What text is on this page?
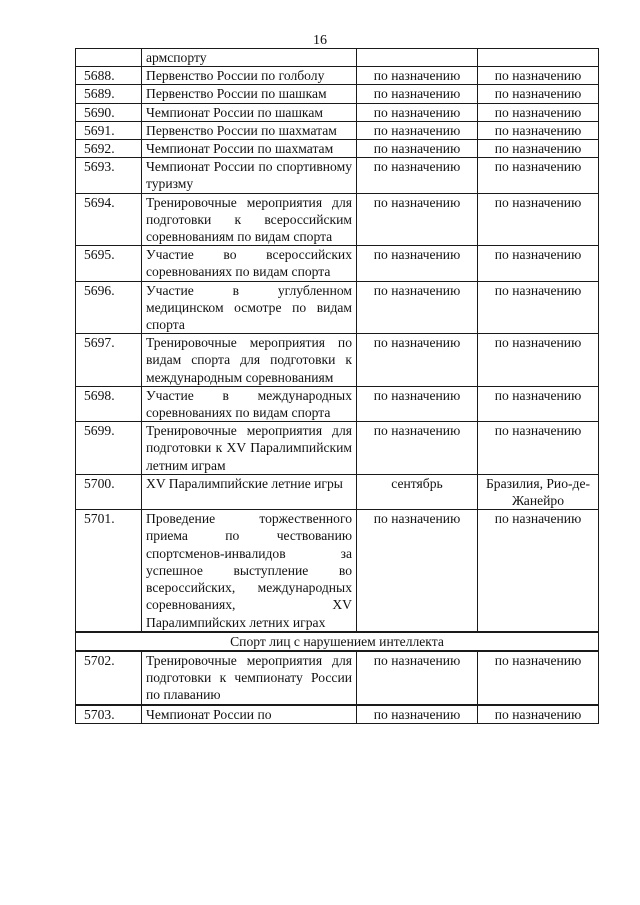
16
	армспорту		
5688.	Первенство России по голболу	по назначению	по назначению
5689.	Первенство России по шашкам	по назначению	по назначению
5690.	Чемпионат России по шашкам	по назначению	по назначению
5691.	Первенство России по шахматам	по назначению	по назначению
5692.	Чемпионат России по шахматам	по назначению	по назначению
5693.	Чемпионат России по спортивному туризму	по назначению	по назначению
5694.	Тренировочные мероприятия для подготовки к всероссийским соревнованиям по видам спорта	по назначению	по назначению
5695.	Участие во всероссийских соревнованиях по видам спорта	по назначению	по назначению
5696.	Участие в углубленном медицинском осмотре по видам спорта	по назначению	по назначению
5697.	Тренировочные мероприятия по видам спорта для подготовки к международным соревнованиям	по назначению	по назначению
5698.	Участие в международных соревнованиях по видам спорта	по назначению	по назначению
5699.	Тренировочные мероприятия для подготовки к XV Паралимпийским летним играм	по назначению	по назначению
5700.	XV Паралимпийские летние игры	сентябрь	Бразилия, Рио-де-Жанейро
5701.	Проведение торжественного приема по чествованию спортсменов-инвалидов за успешное выступление во всероссийских, международных соревнованиях, XV Паралимпийских летних играх	по назначению	по назначению
Спорт лиц с нарушением интеллекта			
5702.	Тренировочные мероприятия для подготовки к чемпионату России по плаванию	по назначению	по назначению
5703.	Чемпионат России по	по назначению	по назначению
